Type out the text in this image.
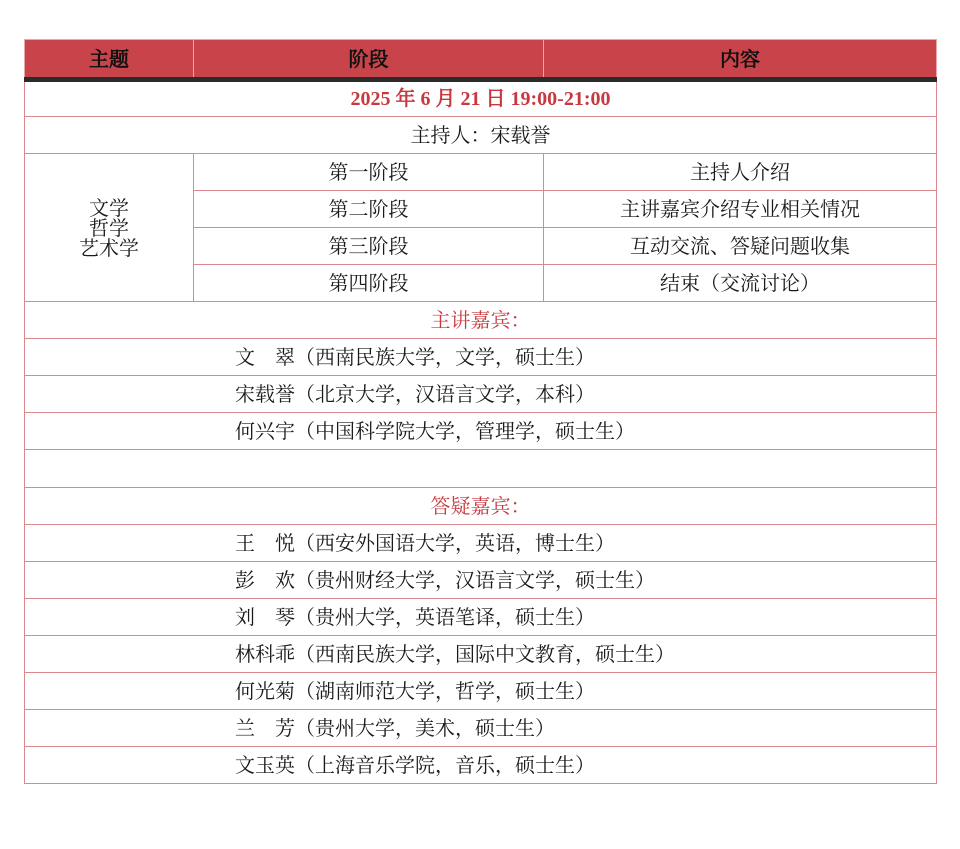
主题	阶段	内容
2025 年 6 月 21 日 19:00-21:00		
主持人：宋载誉		

文学
哲学
艺术学	第一阶段	主持人介绍
	第二阶段	主讲嘉宾介绍专业相关情况
	第三阶段	互动交流、答疑问题收集
	第四阶段	结束（交流讨论）
主讲嘉宾：		
文　翠（西南民族大学，文学，硕士生）		
宋载誉（北京大学，汉语言文学，本科）		
何兴宇（中国科学院大学，管理学，硕士生）		

答疑嘉宾：		
王　悦（西安外国语大学，英语，博士生）		
彭　欢（贵州财经大学，汉语言文学，硕士生）		
刘　琴（贵州大学，英语笔译，硕士生）		
林科乖（西南民族大学，国际中文教育，硕士生）		
何光菊（湖南师范大学，哲学，硕士生）		
兰　芳（贵州大学，美术，硕士生）		
文玉英（上海音乐学院，音乐，硕士生）		
